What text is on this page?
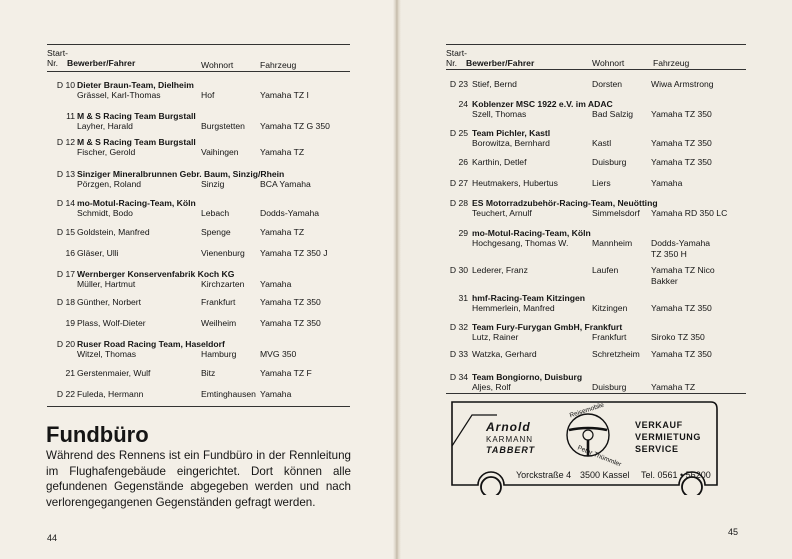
Start-
Nr. Bewerber/Fahrer	Wohnort	Fahrzeug
D 10 Dieter Braun-Team, Dielheim
Grässel, Karl-Thomas	Hof	Yamaha TZ I
11 M & S Racing Team Burgstall
Layher, Harald	Burgstetten Yamaha TZ G 350
D 12 M & S Racing Team Burgstall
Fischer, Gerold	Vaihingen Yamaha TZ
D 13 Sinziger Mineralbrunnen Gebr. Baum, Sinzig/Rhein
Pörzgen, Roland	Sinzig	BCA Yamaha
D 14 mo-Motul-Racing-Team, Köln
Schmidt, Bodo	Lebach	Dodds-Yamaha
D 15 Goldstein, Manfred	Spenge	Yamaha TZ
16 Gläser, Ulli	Vienenburg Yamaha TZ 350 J
D 17 Wernberger Konservenfabrik Koch KG
Müller, Hartmut	Kirchzarten Yamaha
D 18 Günther, Norbert	Frankfurt	Yamaha TZ 350
19 Plass, Wolf-Dieter	Weilheim	Yamaha TZ 350
D 20 Ruser Road Racing Team, Haseldorf
Witzel, Thomas	Hamburg	MVG 350
21 Gerstenmaier, Wulf	Bitz	Yamaha TZ F
D 22 Fuleda, Hermann	Emtinghausen Yamaha
Fundbüro
Während des Rennens ist ein Fundbüro in der Rennleitung im Flughafengebäude eingerichtet. Dort können alle gefundenen Gegenstände abgegeben werden und nach verlorengegangenen Gegenständen gefragt werden.
44
Start-
Nr. Bewerber/Fahrer	Wohnort	Fahrzeug
D 23 Stief, Bernd	Dorsten	Wiwa Armstrong
24 Koblenzer MSC 1922 e.V. im ADAC
Szell, Thomas	Bad Salzig Yamaha TZ 350
D 25 Team Pichler, Kastl
Borowitza, Bernhard	Kastl	Yamaha TZ 350
26 Karthin, Detlef	Duisburg	Yamaha TZ 350
D 27 Heutmakers, Hubertus	Liers	Yamaha
D 28 ES Motorradzubehör-Racing-Team, Neuötting
Teuchert, Arnulf	Simmelsdorf Yamaha RD 350 LC
29 mo-Motul-Racing-Team, Köln
Hochgesang, Thomas W.	Mannheim Dodds-Yamaha
TZ 350 H
D 30 Lederer, Franz	Laufen	Yamaha TZ Nico
Bakker
31 hmf-Racing-Team Kitzingen
Hemmerlein, Manfred	Kitzingen	Yamaha TZ 350
D 32 Team Fury-Furygan GmbH, Frankfurt
Lutz, Rainer	Frankfurt	Siroko TZ 350
D 33 Watzka, Gerhard	Schretzheim Yamaha TZ 350
D 34 Team Bongiorno, Duisburg
Aljes, Rolf	Duisburg	Yamaha TZ
45
Arnold
KARMANN
TABBERT
Reisemobile
Peter Thümmler
VERKAUF
VERMIETUNG
SERVICE
Yorckstraße 4 3500 Kassel Tel. 0561 • 56200
